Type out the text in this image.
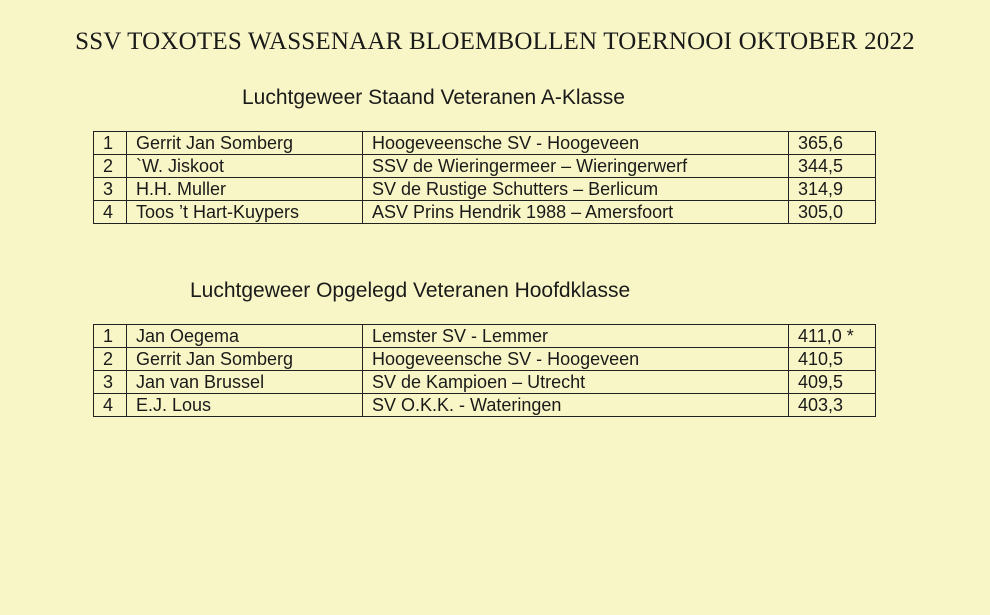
SSV TOXOTES WASSENAAR BLOEMBOLLEN TOERNOOI OKTOBER 2022
Luchtgeweer Staand Veteranen A-Klasse
1	Gerrit Jan Somberg	Hoogeveensche SV - Hoogeveen	365,6
2	`W. Jiskoot	SSV de Wieringermeer – Wieringerwerf	344,5
3	H.H. Muller	SV de Rustige Schutters – Berlicum	314,9
4	Toos ’t Hart-Kuypers	ASV Prins Hendrik 1988 – Amersfoort	305,0
Luchtgeweer Opgelegd Veteranen Hoofdklasse
1	Jan Oegema	Lemster SV - Lemmer	411,0 *
2	Gerrit Jan Somberg	Hoogeveensche SV - Hoogeveen	410,5
3	Jan van Brussel	SV de Kampioen – Utrecht	409,5
4	E.J. Lous	SV O.K.K. - Wateringen	403,3
